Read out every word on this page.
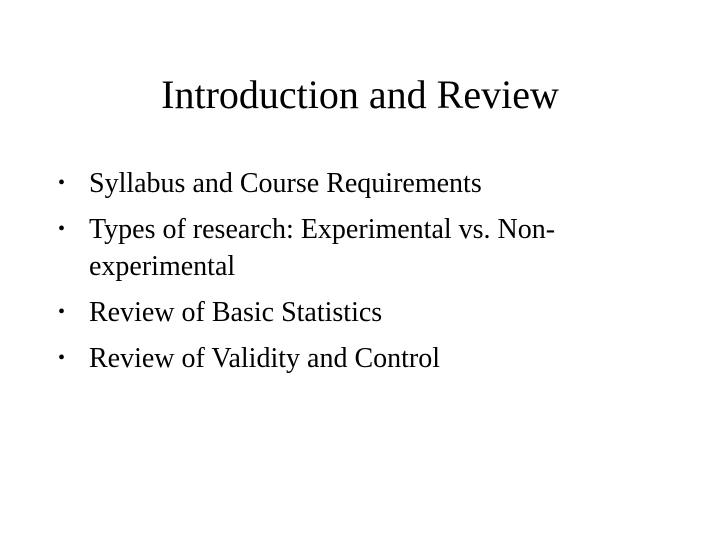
Introduction and Review
• Syllabus and Course Requirements
• Types of research: Experimental vs. Non-
experimental
• Review of Basic Statistics
• Review of Validity and Control
